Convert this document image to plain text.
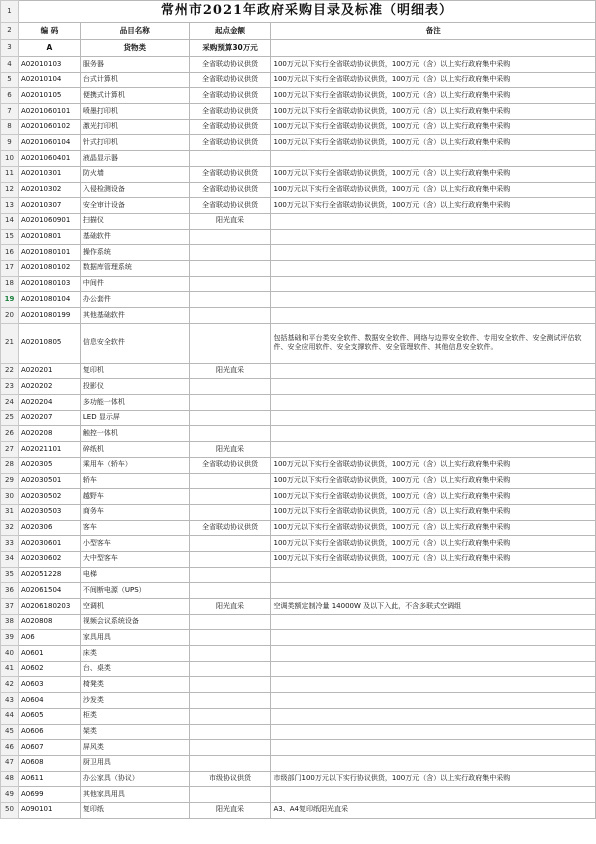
1	常州市2021年政府采购目录及标准（明细表）			
2	编 码	品目名称	起点金额	备注
3	A	货物类	采购预算30万元	
4	A02010103	服务器	全省联动协议供货	100万元以下实行全省联动协议供货，100万元（含）以上实行政府集中采购
5	A02010104	台式计算机	全省联动协议供货	100万元以下实行全省联动协议供货，100万元（含）以上实行政府集中采购
6	A02010105	便携式计算机	全省联动协议供货	100万元以下实行全省联动协议供货，100万元（含）以上实行政府集中采购
7	A0201060101	喷墨打印机	全省联动协议供货	100万元以下实行全省联动协议供货，100万元（含）以上实行政府集中采购
8	A0201060102	激光打印机	全省联动协议供货	100万元以下实行全省联动协议供货，100万元（含）以上实行政府集中采购
9	A0201060104	针式打印机	全省联动协议供货	100万元以下实行全省联动协议供货，100万元（含）以上实行政府集中采购
10	A0201060401	液晶显示器		
11	A02010301	防火墙	全省联动协议供货	100万元以下实行全省联动协议供货，100万元（含）以上实行政府集中采购
12	A02010302	入侵检测设备	全省联动协议供货	100万元以下实行全省联动协议供货，100万元（含）以上实行政府集中采购
13	A02010307	安全审计设备	全省联动协议供货	100万元以下实行全省联动协议供货，100万元（含）以上实行政府集中采购
14	A0201060901	扫描仪	阳光直采	
15	A02010801	基础软件		
16	A0201080101	操作系统		
17	A0201080102	数据库管理系统		
18	A0201080103	中间件		
19	A0201080104	办公套件		
20	A0201080199	其他基础软件		
21	A02010805	信息安全软件		包括基础和平台类安全软件、数据安全软件、网络与边界安全软件、专用安全软件、安全测试评估软件、安全应用软件、安全支撑软件、安全管理软件、其他信息安全软件。
22	A020201	复印机	阳光直采	
23	A020202	投影仪		
24	A020204	多功能一体机		
25	A020207	LED 显示屏		
26	A020208	触控一体机		
27	A02021101	碎纸机	阳光直采	
28	A020305	乘用车（轿车）	全省联动协议供货	100万元以下实行全省联动协议供货，100万元（含）以上实行政府集中采购
29	A02030501	轿车		100万元以下实行全省联动协议供货，100万元（含）以上实行政府集中采购
30	A02030502	越野车		100万元以下实行全省联动协议供货，100万元（含）以上实行政府集中采购
31	A02030503	商务车		100万元以下实行全省联动协议供货，100万元（含）以上实行政府集中采购
32	A020306	客车	全省联动协议供货	100万元以下实行全省联动协议供货，100万元（含）以上实行政府集中采购
33	A02030601	小型客车		100万元以下实行全省联动协议供货，100万元（含）以上实行政府集中采购
34	A02030602	大中型客车		100万元以下实行全省联动协议供货，100万元（含）以上实行政府集中采购
35	A02051228	电梯		
36	A02061504	不间断电源（UPS）		
37	A0206180203	空调机	阳光直采	空调类额定制冷量 14000W 及以下入此，不含多联式空调组
38	A020808	视频会议系统设备		
39	A06	家具用具		
40	A0601	床类		
41	A0602	台、桌类		
42	A0603	椅凳类		
43	A0604	沙发类		
44	A0605	柜类		
45	A0606	架类		
46	A0607	屏风类		
47	A0608	厨卫用具		
48	A0611	办公家具（协议）	市级协议供货	市级部门100万元以下实行协议供货，100万元（含）以上实行政府集中采购
49	A0699	其他家具用具		
50	A090101	复印纸	阳光直采	A3、A4复印纸阳光直采
